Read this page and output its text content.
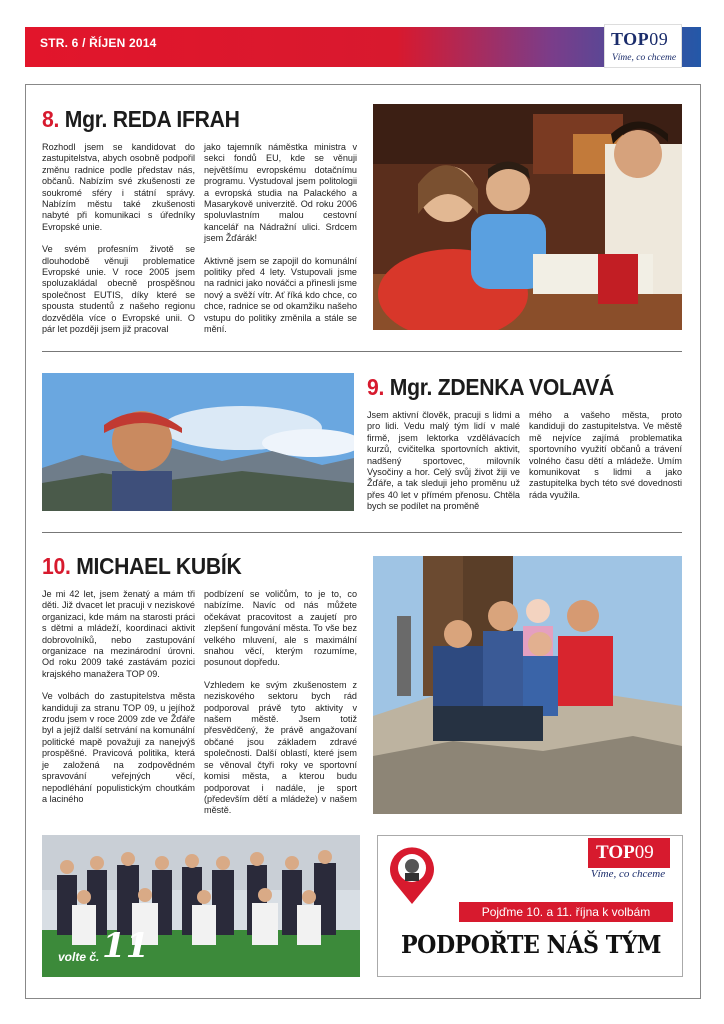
STR. 6 / ŘÍJEN 2014	TOP09
Víme, co chceme
8. Mgr. REDA IFRAH

Rozhodl jsem se kandidovat do zastupitelstva, abych osobně podpořil změnu radnice podle představ nás, občanů. Nabízím své zkušenosti ze soukromé sféry i státní správy. Nabízím městu také zkušenosti nabyté při komunikaci s úředníky Evropské unie.

Ve svém profesním životě se dlouhodobě věnuji problematice Evropské unie. V roce 2005 jsem spoluzakládal obecně prospěšnou společnost EUTIS, díky které se spousta studentů z našeho regionu dozvěděla více o Evropské unii. O pár let později jsem již pracoval

jako tajemník náměstka ministra v sekci fondů EU, kde se věnuji největšímu evropskému dotačnímu programu. Vystudoval jsem politologii a evropská studia na Palackého a Masarykově univerzitě. Od roku 2006 spoluvlastním malou cestovní kancelář na Nádražní ulici. Srdcem jsem Žďárák!

Aktivně jsem se zapojil do komunální politiky před 4 lety. Vstupovali jsme na radnici jako nováčci a přinesli jsme nový a svěží vítr. Ať říká kdo chce, co chce, radnice se od okamžiku našeho vstupu do politiky změnila a stále se mění.

9. Mgr. ZDENKA VOLAVÁ

Jsem aktivní člověk, pracuji s lidmi a pro lidi. Vedu malý tým lidí v malé firmě, jsem lektorka vzdělávacích kurzů, cvičitelka sportovních aktivit, nadšený sportovec, milovník Vysočiny a hor. Celý svůj život žiji ve Žďáře, a tak sleduji jeho proměnu už přes 40 let v přímém přenosu. Chtěla bych se podílet na proměně

mého a vašeho města, proto kandiduji do zastupitelstva. Ve městě mě nejvíce zajímá problematika sportovního využití občanů a trávení volného času dětí a mládeže. Umím komunikovat s lidmi a jako zastupitelka bych této své dovednosti ráda využila.

10. MICHAEL KUBÍK

Je mi 42 let, jsem ženatý a mám tři děti. Již dvacet let pracuji v neziskové organizaci, kde mám na starosti práci s dětmi a mládeží, koordinaci aktivit dobrovolníků, nebo zastupování organizace na mezinárodní úrovni. Od roku 2009 také zastávám pozici krajského manažera TOP 09.

Ve volbách do zastupitelstva města kandiduji za stranu TOP 09, u jejíhož zrodu jsem v roce 2009 zde ve Žďáře byl a jejíž další setrvání na komunální politické mapě považuji za nanejvýš prospěšné. Pravicová politika, která je založená na zodpovědném spravování veřejných věcí, nepodléhání populistickým choutkám a laciného

podbízení se voličům, to je to, co nabízíme. Navíc od nás můžete očekávat pracovitost a zaujetí pro zlepšení fungování města. To vše bez velkého mluvení, ale s maximální snahou věcí, kterým rozumíme, posunout dopředu.

Vzhledem ke svým zkušenostem z neziskového sektoru bych rád podporoval právě tyto aktivity v našem městě. Jsem totiž přesvědčený, že právě angažovaní občané jsou základem zdravé společnosti. Další oblastí, které jsem se věnoval čtyři roky ve sportovní komisi města, a kterou budu podporovat i nadále, je sport (především dětí a mládeže) v našem městě.

volte č. 11
TOP09
Víme, co chceme
Pojďme 10. a 11. října k volbám
PODPOŘTE NÁŠ TÝM
